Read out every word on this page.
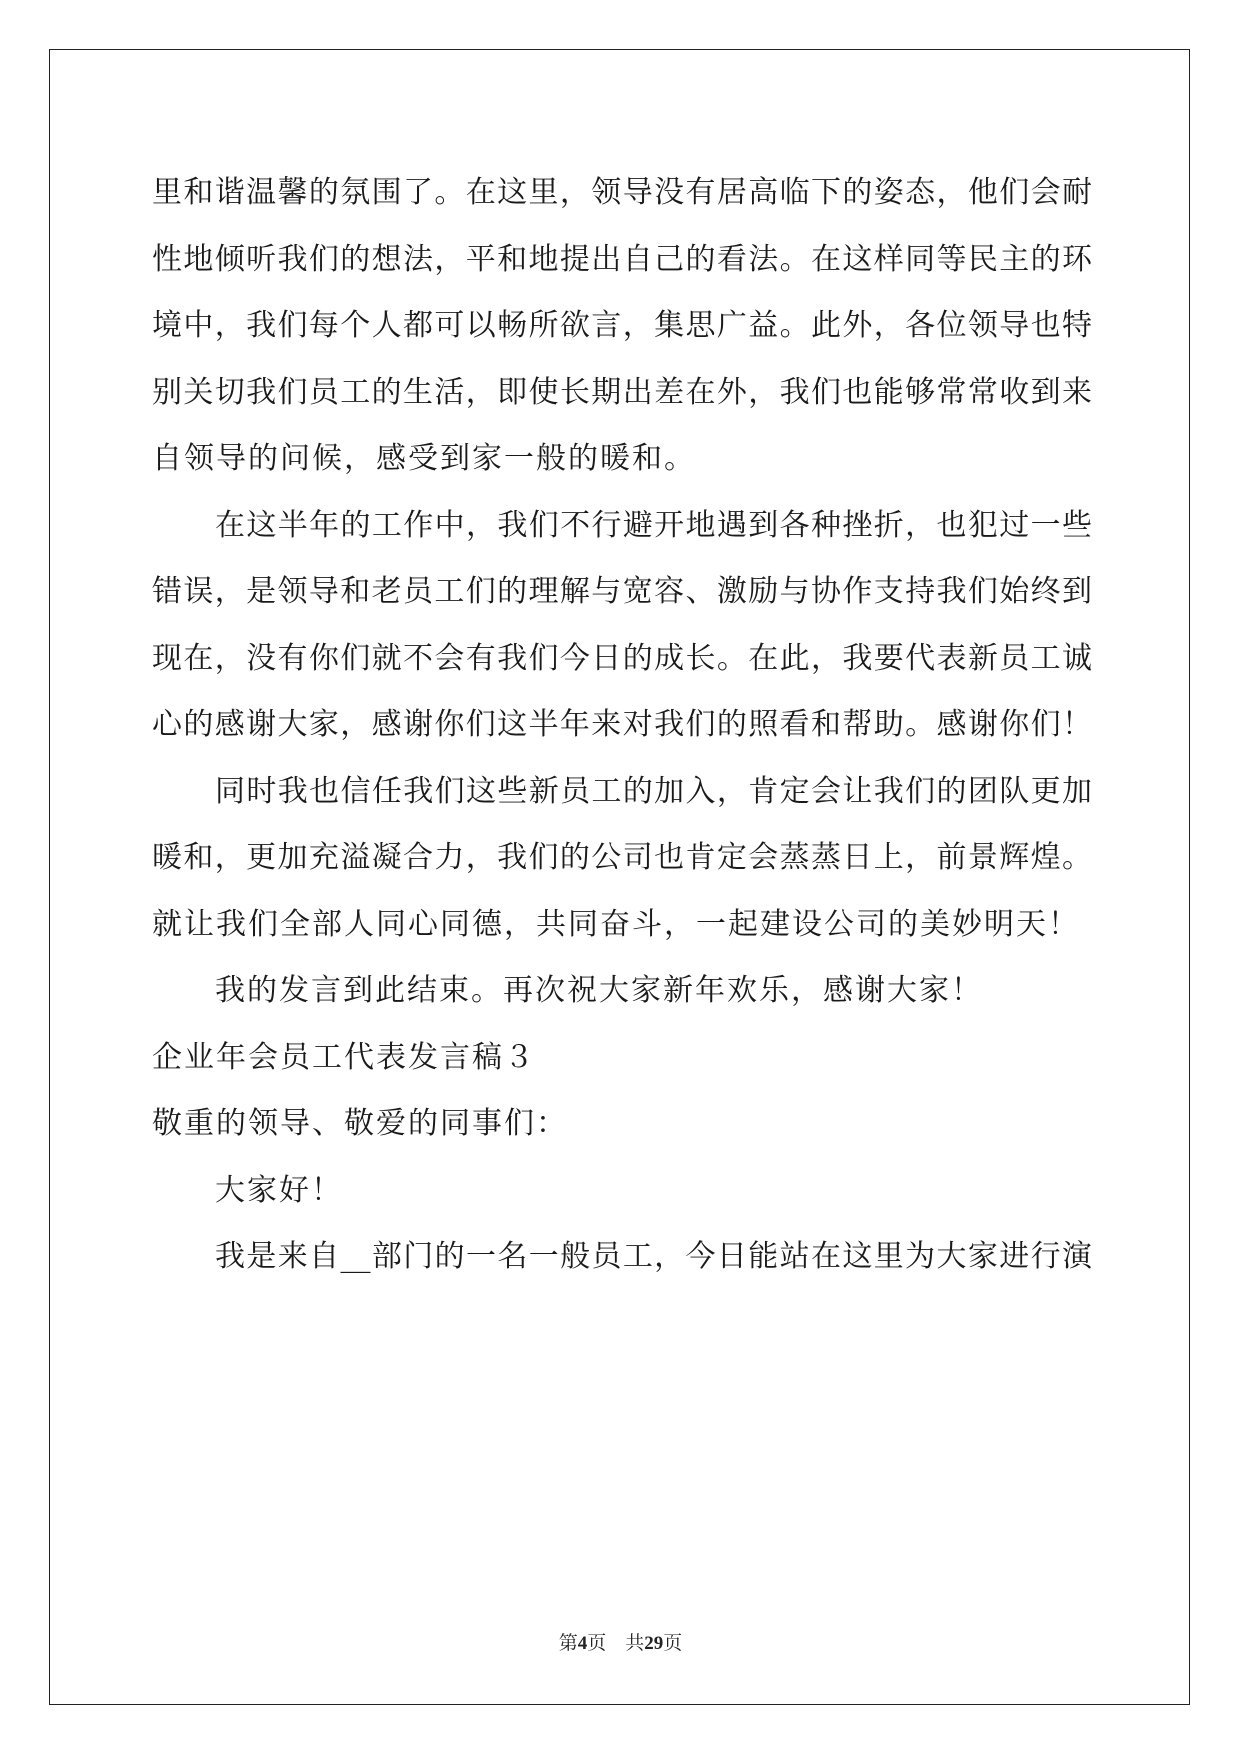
里和谐温馨的氛围了。在这里，领导没有居高临下的姿态，他们会耐
性地倾听我们的想法，平和地提出自己的看法。在这样同等民主的环
境中，我们每个人都可以畅所欲言，集思广益。此外，各位领导也特
别关切我们员工的生活，即使长期出差在外，我们也能够常常收到来
自领导的问候，感受到家一般的暖和。
在这半年的工作中，我们不行避开地遇到各种挫折，也犯过一些
错误，是领导和老员工们的理解与宽容、激励与协作支持我们始终到
现在，没有你们就不会有我们今日的成长。在此，我要代表新员工诚
心的感谢大家，感谢你们这半年来对我们的照看和帮助。感谢你们！
同时我也信任我们这些新员工的加入，肯定会让我们的团队更加
暖和，更加充溢凝合力，我们的公司也肯定会蒸蒸日上，前景辉煌。
就让我们全部人同心同德，共同奋斗，一起建设公司的美妙明天！
我的发言到此结束。再次祝大家新年欢乐，感谢大家！
企业年会员工代表发言稿３
敬重的领导、敬爱的同事们：
大家好！
我是来自__部门的一名一般员工，今日能站在这里为大家进行演
第4页 共29页
